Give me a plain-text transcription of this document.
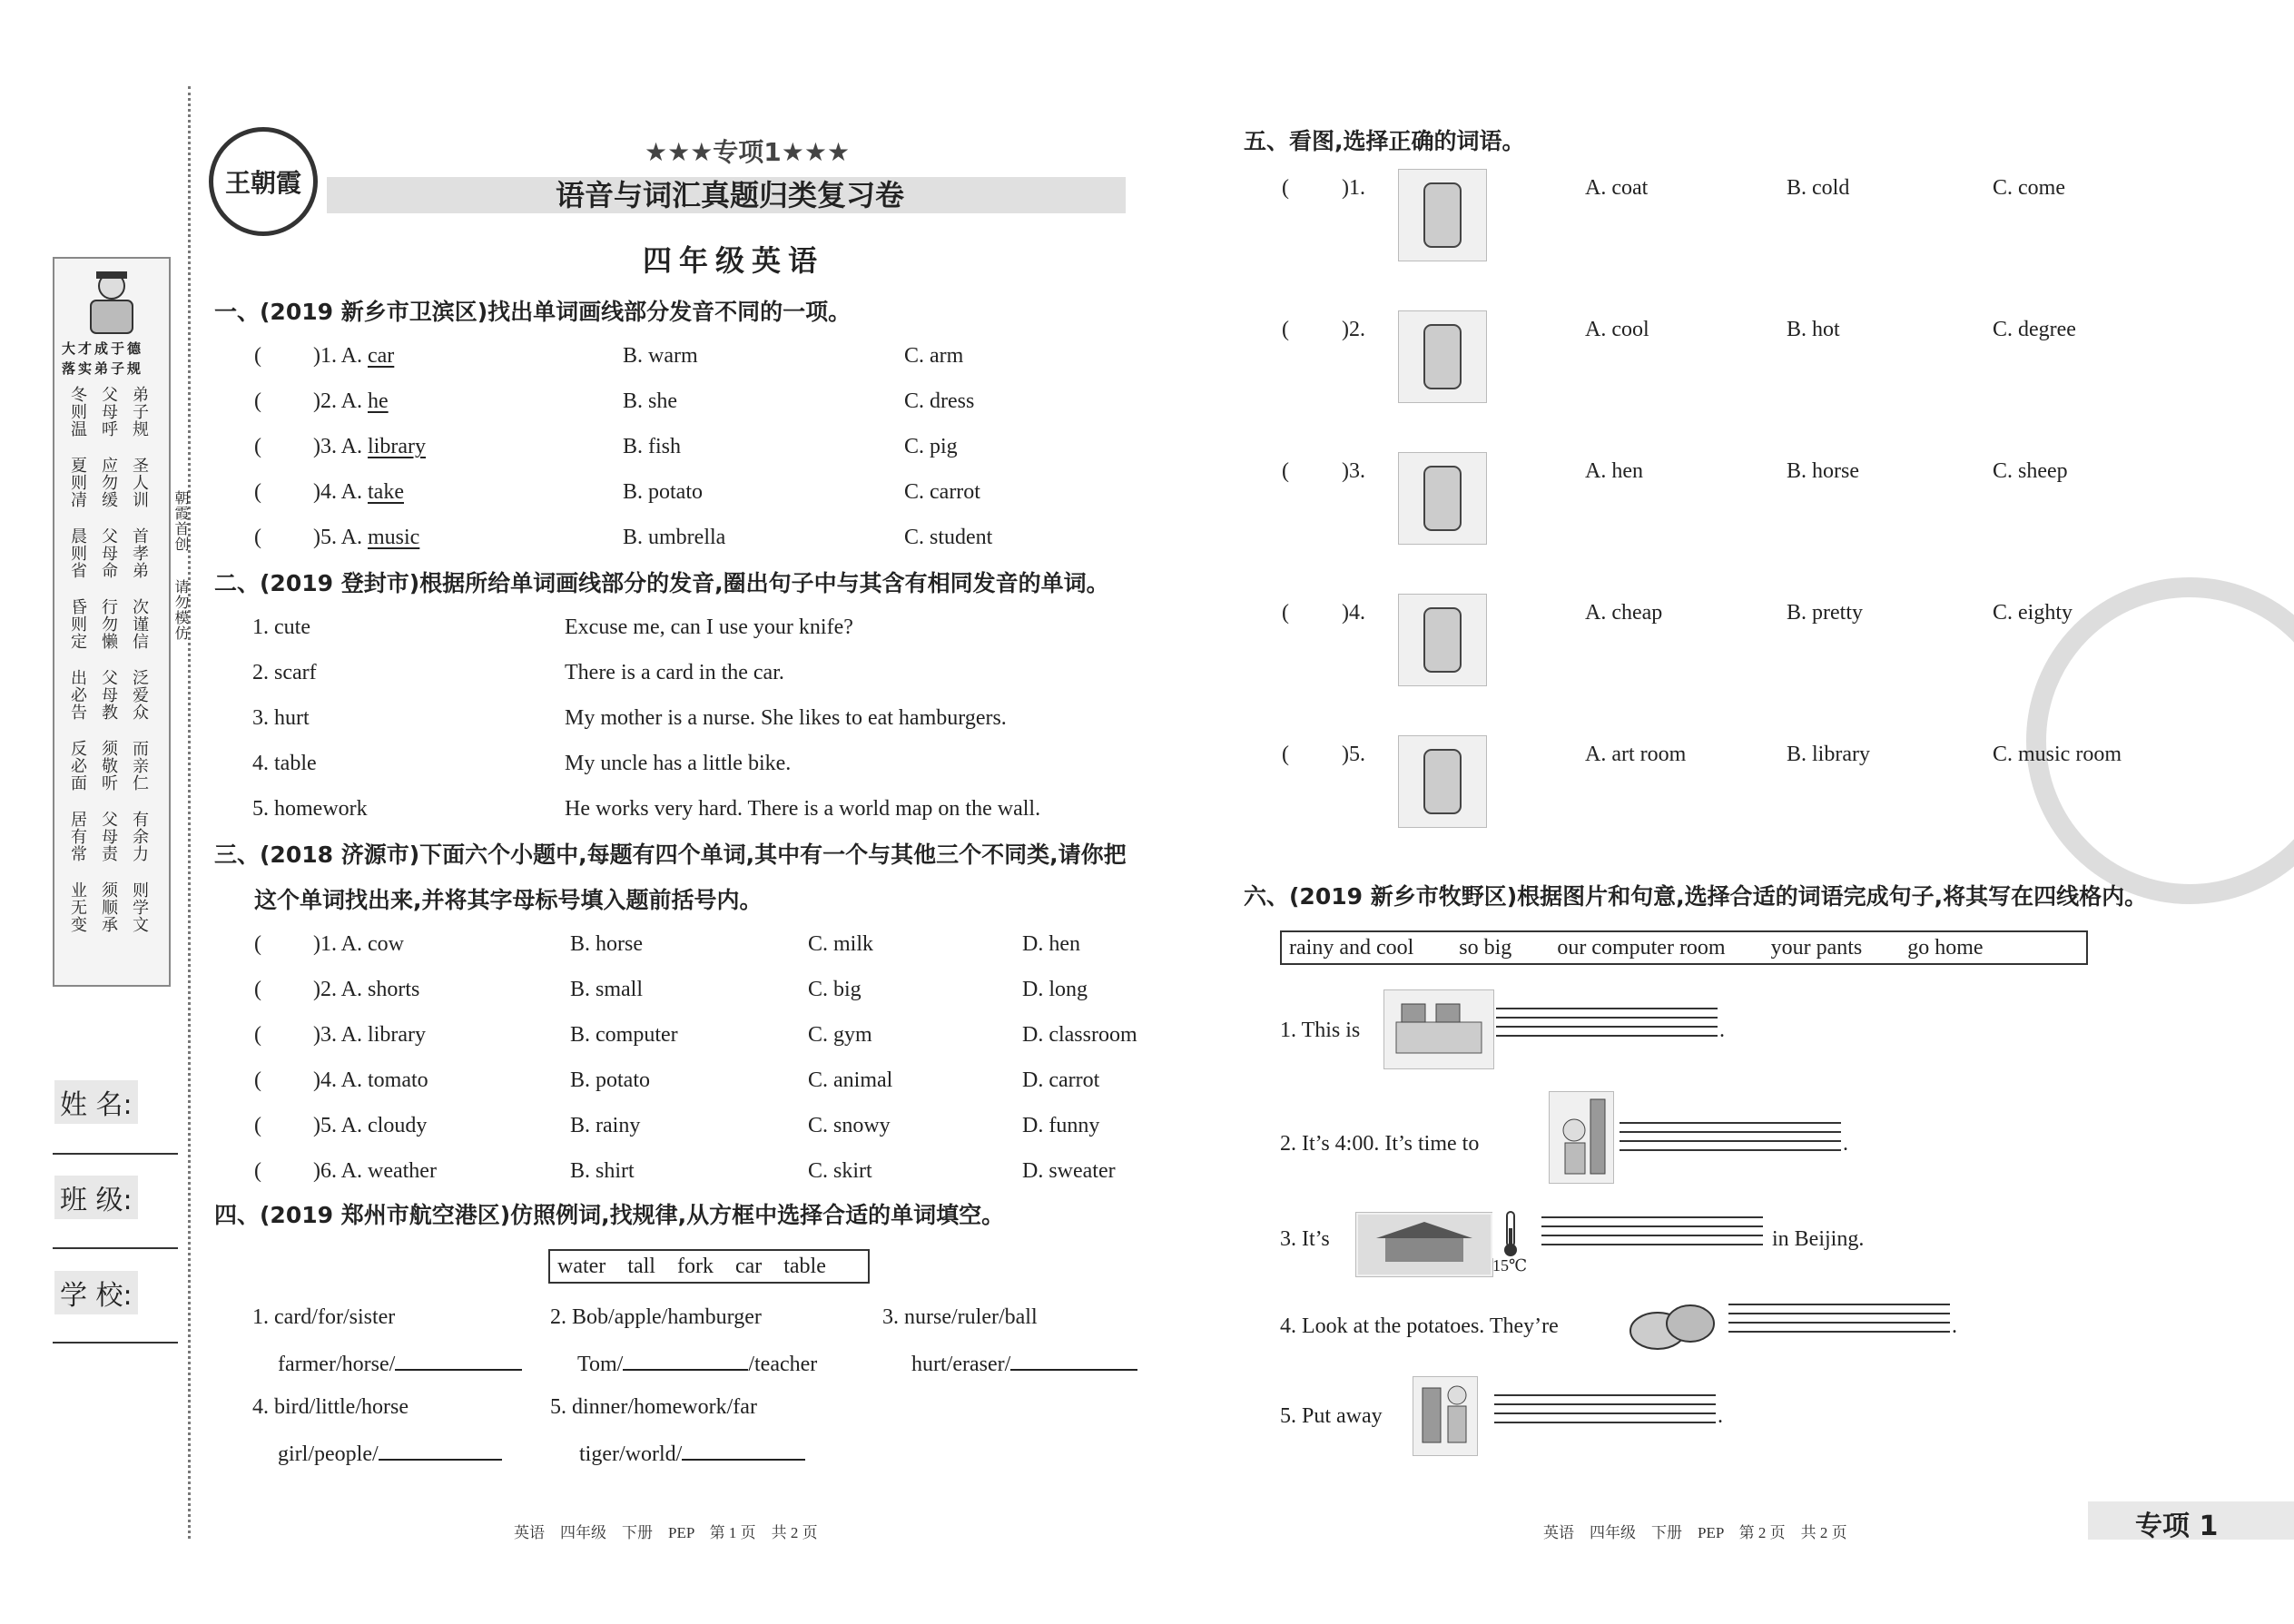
王朝霞
大才成于德
落实弟子规
冬则温 父母呼 弟子规
夏则凊 应勿缓 圣人训
晨则省 父母命 首孝弟
昏则定 行勿懒 次谨信
出必告 父母教 泛爱众
反必面 须敬听 而亲仁
居有常 父母责 有余力
业无变 须顺承 则学文
朝霞首创
请勿模仿
姓 名:
班 级:
学 校:
★★★专项1★★★
语音与词汇真题归类复习卷
四年级英语
一、(2019 新乡市卫滨区)找出单词画线部分发音不同的一项。
二、(2019 登封市)根据所给单词画线部分的发音,圈出句子中与其含有相同发音的单词。
三、(2018 济源市)下面六个小题中,每题有四个单词,其中有一个与其他三个不同类,请你把
这个单词找出来,并将其字母标号填入题前括号内。
四、(2019 郑州市航空港区)仿照例词,找规律,从方框中选择合适的单词填空。
water tall fork car table
1. card/for/sister
farmer/horse/
2. Bob/apple/hamburger
Tom/	/teacher
3. nurse/ruler/ball
hurt/eraser/
4. bird/little/horse
girl/people/
5. dinner/homework/far
tiger/world/
英语　四年级　下册　PEP　第 1 页　共 2 页
五、看图,选择正确的词语。
六、(2019 新乡市牧野区)根据图片和句意,选择合适的词语完成句子,将其写在四线格内。
rainy and cool so big our computer room your pants go home
1. This is	.
2. It’s 4:00. It’s time to	.
3. It’s
15℃
in Beijing.
4. Look at the potatoes. They’re	.
5. Put away	.
英语　四年级　下册　PEP　第 2 页　共 2 页	专项 1
( )1. A. car	B. warm	C. arm
( )2. A. he	B. she	C. dress
( )3. A. library	B. fish	C. pig
( )4. A. take	B. potato	C. carrot
( )5. A. music	B. umbrella	C. student
1. cute	Excuse me, can I use your knife?
2. scarf	There is a card in the car.
3. hurt	My mother is a nurse. She likes to eat hamburgers.
4. table	My uncle has a little bike.
5. homework	He works very hard. There is a world map on the wall.
( )1. A. cow	B. horse	C. milk	D. hen
( )2. A. shorts	B. small	C. big	D. long
( )3. A. library	B. computer	C. gym	D. classroom
( )4. A. tomato	B. potato	C. animal	D. carrot
( )5. A. cloudy	B. rainy	C. snowy	D. funny
( )6. A. weather	B. shirt	C. skirt	D. sweater
( )1.	A. coat	B. cold	C. come
( )2.	A. cool	B. hot	C. degree
( )3.	A. hen	B. horse	C. sheep
( )4.	A. cheap	B. pretty	C. eighty
( )5.	A. art room	B. library	C. music room
